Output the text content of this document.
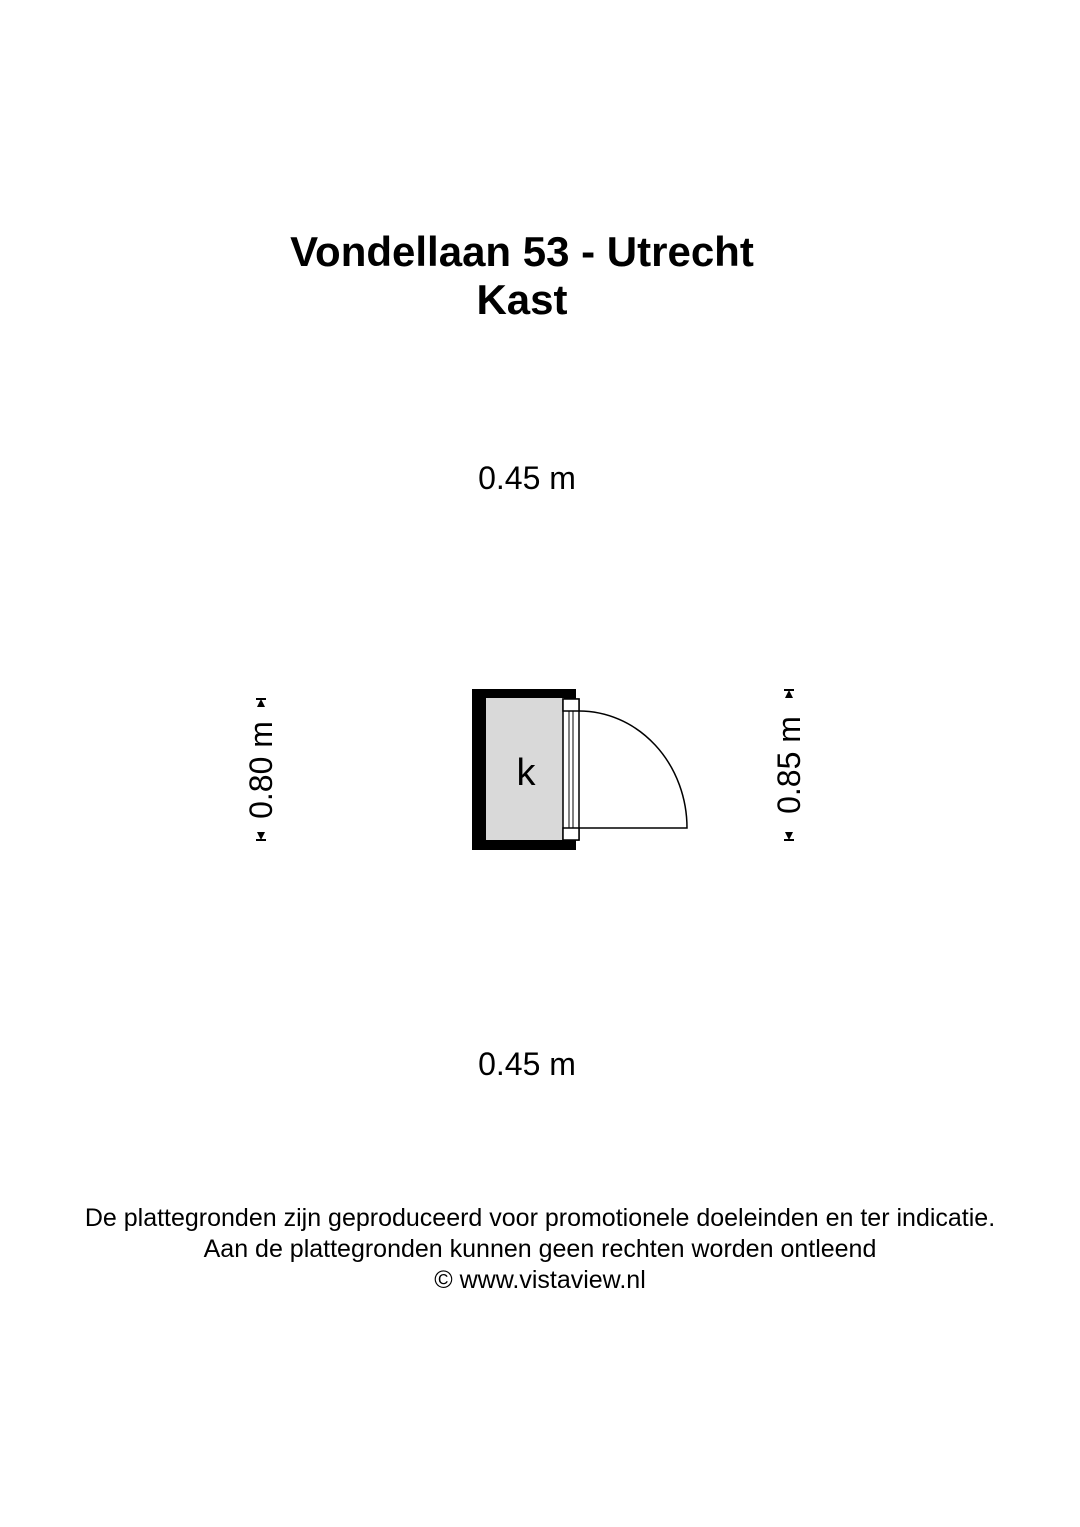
Vondellaan 53 - Utrecht
Kast
0.45 m
0.45 m
k
0.80 m	0.85 m
De plattegronden zijn geproduceerd voor promotionele doeleinden en ter indicatie.
Aan de plattegronden kunnen geen rechten worden ontleend
© www.vistaview.nl
